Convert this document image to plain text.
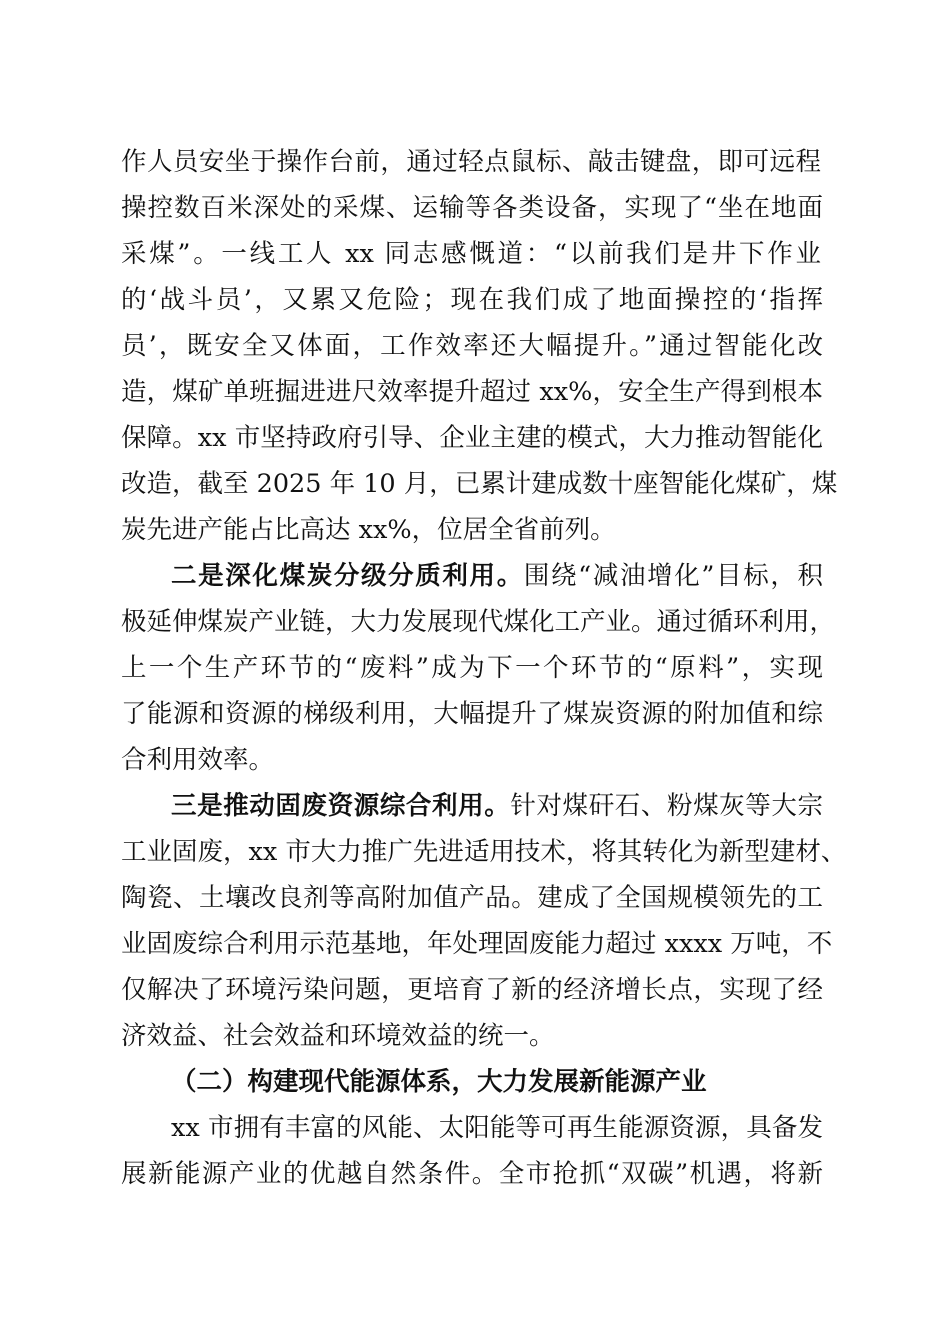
作人员安坐于操作台前，通过轻点鼠标、敲击键盘，即可远程
操控数百米深处的采煤、运输等各类设备，实现了“坐在地面
采煤”。一线工人 xx 同志感慨道：“以前我们是井下作业
的‘战斗员’，又累又危险；现在我们成了地面操控的‘指挥
员’，既安全又体面，工作效率还大幅提升。”通过智能化改
造，煤矿单班掘进进尺效率提升超过 xx%，安全生产得到根本
保障。xx 市坚持政府引导、企业主建的模式，大力推动智能化
改造，截至 2025 年 10 月，已累计建成数十座智能化煤矿，煤
炭先进产能占比高达 xx%，位居全省前列。
二是深化煤炭分级分质利用。围绕“减油增化”目标，积
极延伸煤炭产业链，大力发展现代煤化工产业。通过循环利用，
上一个生产环节的“废料”成为下一个环节的“原料”，实现
了能源和资源的梯级利用，大幅提升了煤炭资源的附加值和综
合利用效率。
三是推动固废资源综合利用。针对煤矸石、粉煤灰等大宗
工业固废，xx 市大力推广先进适用技术，将其转化为新型建材、
陶瓷、土壤改良剂等高附加值产品。建成了全国规模领先的工
业固废综合利用示范基地，年处理固废能力超过 xxxx 万吨，不
仅解决了环境污染问题，更培育了新的经济增长点，实现了经
济效益、社会效益和环境效益的统一。
（二）构建现代能源体系，大力发展新能源产业
xx 市拥有丰富的风能、太阳能等可再生能源资源，具备发
展新能源产业的优越自然条件。全市抢抓“双碳”机遇，将新
